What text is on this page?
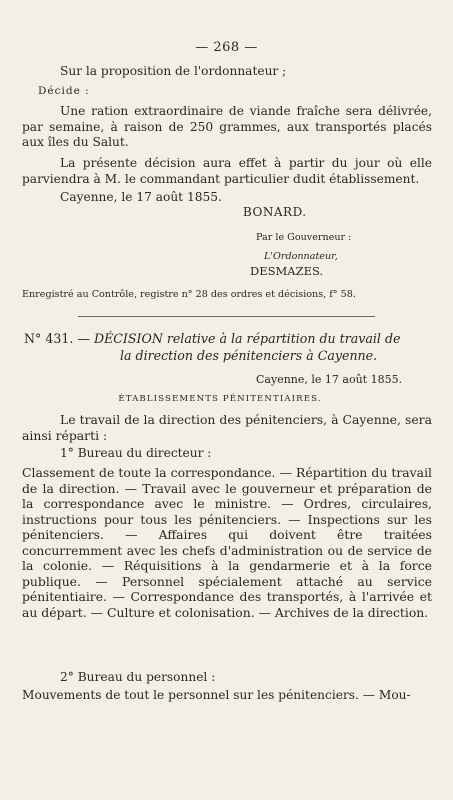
— 268 —

Sur la proposition de l'ordonnateur ;

Décide :

Une ration extraordinaire de viande fraîche sera délivrée, par semaine, à raison de 250 grammes, aux transportés placés aux îles du Salut.

La présente décision aura effet à partir du jour où elle parviendra à M. le commandant particulier dudit établissement.

Cayenne, le 17 août 1855.

BONARD.
Par le Gouverneur :
L'Ordonnateur,
DESMAZES.
Enregistré au Contrôle, registre n° 28 des ordres et décisions, f° 58.
N° 431. — DÉCISION relative à la répartition du travail de
la direction des pénitenciers à Cayenne.
Cayenne, le 17 août 1855.
ÉTABLISSEMENTS PÉNITENTIAIRES.

Le travail de la direction des pénitenciers, à Cayenne, sera ainsi réparti :

1° Bureau du directeur :

Classement de toute la correspondance. — Répartition du travail de la direction. — Travail avec le gouverneur et préparation de la correspondance avec le ministre. — Ordres, circulaires, instructions pour tous les pénitenciers. — Inspections sur les pénitenciers. — Affaires qui doivent être traitées concurremment avec les chefs d'administration ou de service de la colonie. — Réquisitions à la gendarmerie et à la force publique. — Personnel spécialement attaché au service pénitentiaire. — Correspondance des transportés, à l'arrivée et au départ. — Culture et colonisation. — Archives de la direction.

2° Bureau du personnel :

Mouvements de tout le personnel sur les pénitenciers. — Mou-
